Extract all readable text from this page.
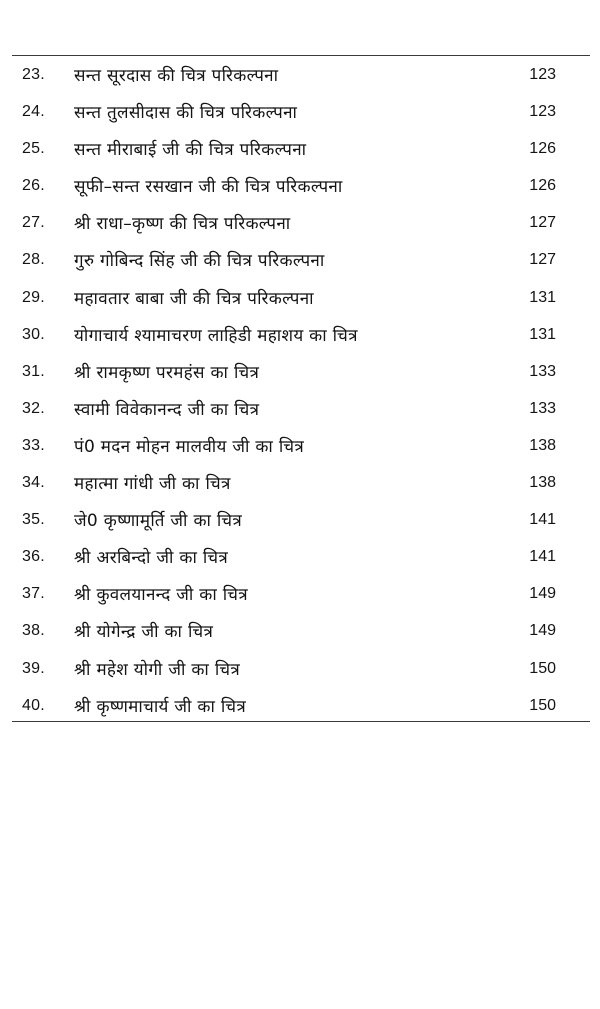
23. सन्त सूरदास की चित्र परिकल्पना	123
24. सन्त तुलसीदास की चित्र परिकल्पना	123
25. सन्त मीराबाई जी की चित्र परिकल्पना	126
26. सूफी–सन्त रसखान जी की चित्र परिकल्पना	126
27. श्री राधा–कृष्ण की चित्र परिकल्पना	127
28. गुरु गोबिन्द सिंह जी की चित्र परिकल्पना	127
29. महावतार बाबा जी की चित्र परिकल्पना	131
30. योगाचार्य श्यामाचरण लाहिडी महाशय का चित्र	131
31. श्री रामकृष्ण परमहंस का चित्र	133
32. स्वामी विवेकानन्द जी का चित्र	133
33. पं0 मदन मोहन मालवीय जी का चित्र	138
34. महात्मा गांधी जी का चित्र	138
35. जे0 कृष्णामूर्ति जी का चित्र	141
36. श्री अरबिन्दो जी का चित्र	141
37. श्री कुवलयानन्द जी का चित्र	149
38. श्री योगेन्द्र जी का चित्र	149
39. श्री महेश योगी जी का चित्र	150
40. श्री कृष्णमाचार्य जी का चित्र	150
